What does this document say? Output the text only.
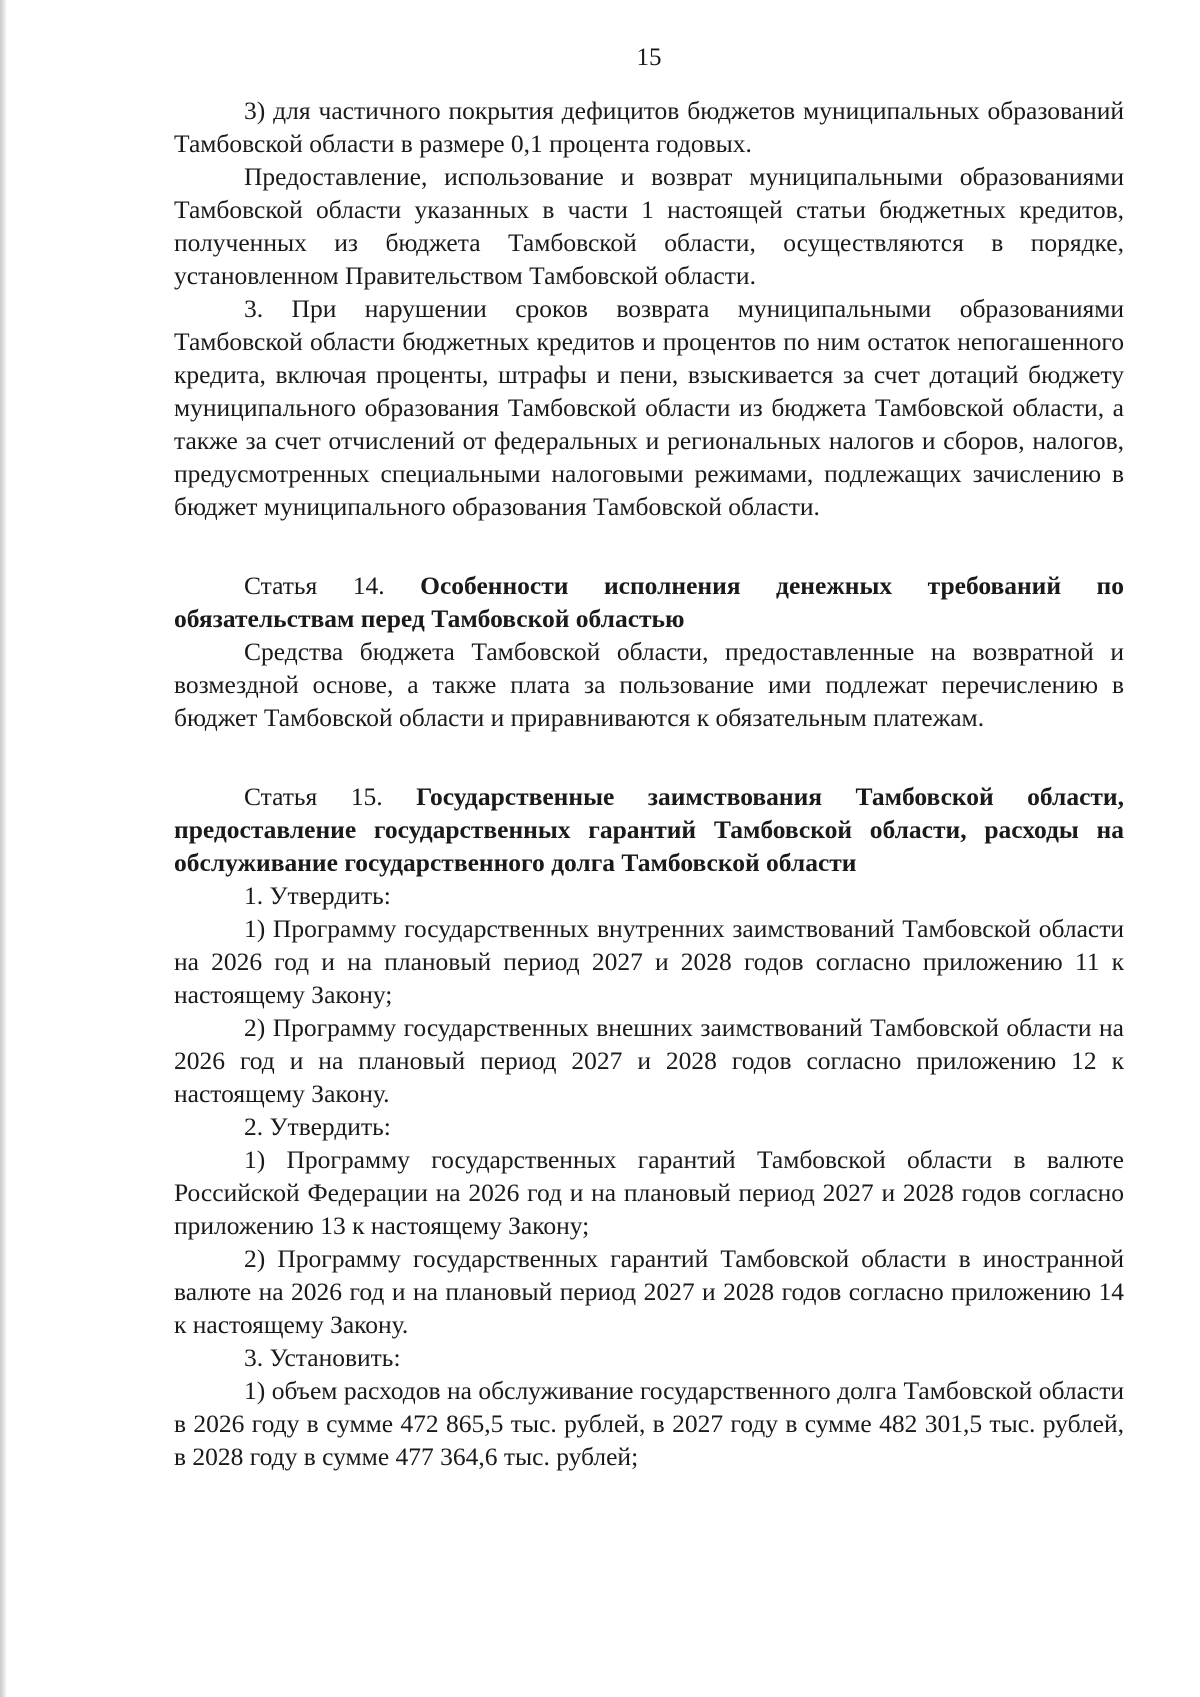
15

3) для частичного покрытия дефицитов бюджетов муниципальных образований Тамбовской области в размере 0,1 процента годовых.

Предоставление, использование и возврат муниципальными образованиями Тамбовской области указанных в части 1 настоящей статьи бюджетных кредитов, полученных из бюджета Тамбовской области, осуществляются в порядке, установленном Правительством Тамбовской области.

3. При нарушении сроков возврата муниципальными образованиями Тамбовской области бюджетных кредитов и процентов по ним остаток непогашенного кредита, включая проценты, штрафы и пени, взыскивается за счет дотаций бюджету муниципального образования Тамбовской области из бюджета Тамбовской области, а также за счет отчислений от федеральных и региональных налогов и сборов, налогов, предусмотренных специальными налоговыми режимами, подлежащих зачислению в бюджет муниципального образования Тамбовской области.

Статья 14. Особенности исполнения денежных требований по обязательствам перед Тамбовской областью

Средства бюджета Тамбовской области, предоставленные на возвратной и возмездной основе, а также плата за пользование ими подлежат перечислению в бюджет Тамбовской области и приравниваются к обязательным платежам.

Статья 15. Государственные заимствования Тамбовской области, предоставление государственных гарантий Тамбовской области, расходы на обслуживание государственного долга Тамбовской области

1. Утвердить:

1) Программу государственных внутренних заимствований Тамбовской области на 2026 год и на плановый период 2027 и 2028 годов согласно приложению 11 к настоящему Закону;

2) Программу государственных внешних заимствований Тамбовской области на 2026 год и на плановый период 2027 и 2028 годов согласно приложению 12 к настоящему Закону.

2. Утвердить:

1) Программу государственных гарантий Тамбовской области в валюте Российской Федерации на 2026 год и на плановый период 2027 и 2028 годов согласно приложению 13 к настоящему Закону;

2) Программу государственных гарантий Тамбовской области в иностранной валюте на 2026 год и на плановый период 2027 и 2028 годов согласно приложению 14 к настоящему Закону.

3. Установить:

1) объем расходов на обслуживание государственного долга Тамбовской области в 2026 году в сумме 472 865,5 тыс. рублей, в 2027 году в сумме 482 301,5 тыс. рублей, в 2028 году в сумме 477 364,6 тыс. рублей;
